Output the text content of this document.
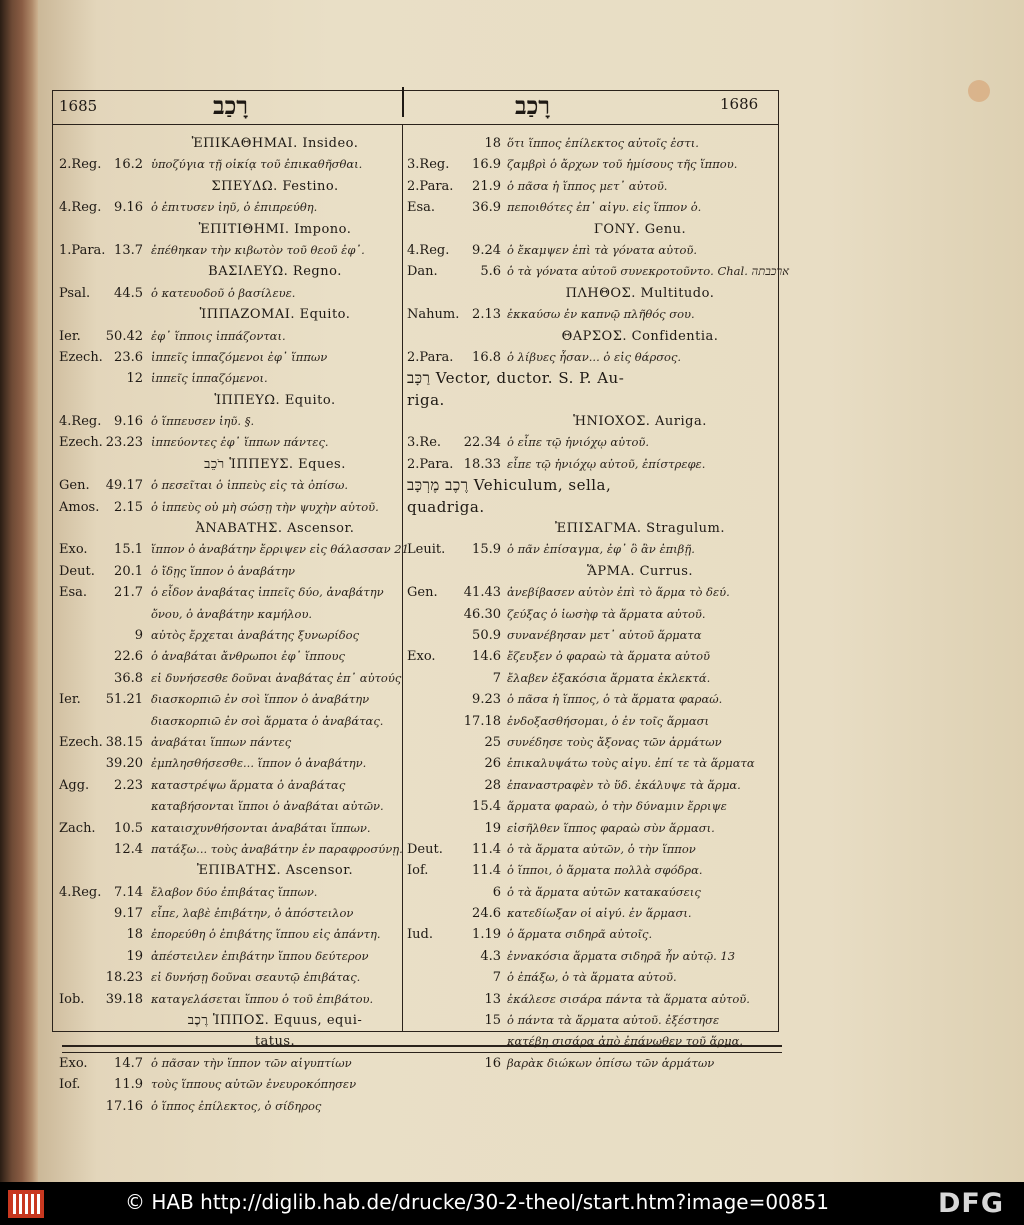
1685	רָכַב	רָכַב	1686
ἘΠΙΚΑΘΗΜΑΙ. Insideo.
2.Reg. 16.2 ὑποζύγια τῇ οἰκίᾳ τοῦ ἐπικαθῆσθαι.
ΣΠΕΥΔΩ. Festino.
4.Reg. 9.16 ὁ ἐπιτυσεν ἰηῦ, ὁ ἐπιπρεύθη.
ἘΠΙΤΙΘΗΜΙ. Impono.
1.Para. 13.7 ἐπέθηκαν τὴν κιβωτὸν τοῦ θεοῦ ἐφ᾽.
ΒΑΣΙΛΕΥΩ. Regno.
Psal. 44.5 ὁ κατευοδοῦ ὁ βασίλευε.
ἹΠΠΑΖΟΜΑΙ. Equito.
Ier. 50.42 ἐφ᾽ ἵπποις ἱππάζονται.
Ezech. 23.6 ἱππεῖς ἱππαζόμενοι ἐφ᾽ ἵππων
12 ἱππεῖς ἱππαζόμενοι.
ἹΠΠΕΥΩ. Equito.
4.Reg. 9.16 ὁ ἵππευσεν ἰηῦ. §.
Ezech. 23.23 ἱππεύοντες ἐφ᾽ ἵππων πάντες.
רֹכֵב ἹΠΠΕΥΣ. Eques.
Gen. 49.17 ὁ πεσεῖται ὁ ἱππεὺς εἰς τὰ ὀπίσω.
Amos. 2.15 ὁ ἱππεὺς οὐ μὴ σώσῃ τὴν ψυχὴν αὐτοῦ.
ἈΝΑΒΑΤΗΣ. Ascensor.
Exo. 15.1 ἵππον ὁ ἀναβάτην ἔρριψεν εἰς θάλασσαν 21
Deut. 20.1 ὁ ἴδῃς ἵππον ὁ ἀναβάτην
Esa. 21.7 ὁ εἶδον ἀναβάτας ἱππεῖς δύο, ἀναβάτην
ὄνου, ὁ ἀναβάτην καμήλου.
9 αὐτὸς ἔρχεται ἀναβάτης ξυνωρίδος
22.6 ὁ ἀναβάται ἄνθρωποι ἐφ᾽ ἵππους
36.8 εἰ δυνήσεσθε δοῦναι ἀναβάτας ἐπ᾽ αὐτούς
Ier. 51.21 διασκορπιῶ ἐν σοὶ ἵππον ὁ ἀναβάτην
διασκορπιῶ ἐν σοὶ ἅρματα ὁ ἀναβάτας.
Ezech. 38.15 ἀναβάται ἵππων πάντες
39.20 ἐμπλησθήσεσθε... ἵππον ὁ ἀναβάτην.
Agg. 2.23 καταστρέψω ἅρματα ὁ ἀναβάτας
καταβήσονται ἵπποι ὁ ἀναβάται αὐτῶν.
Zach. 10.5 καταισχυνθήσονται ἀναβάται ἵππων.
12.4 πατάξω... τοὺς ἀναβάτην ἐν παραφροσύνῃ.
ἘΠΙΒΑΤΗΣ. Ascensor.
4.Reg. 7.14 ἔλαβον δύο ἐπιβάτας ἵππων.
9.17 εἶπε, λαβὲ ἐπιβάτην, ὁ ἀπόστειλον
18 ἐπορεύθη ὁ ἐπιβάτης ἵππου εἰς ἀπάντη.
19 ἀπέστειλεν ἐπιβάτην ἵππου δεύτερον
18.23 εἰ δυνήσῃ δοῦναι σεαυτῷ ἐπιβάτας.
Iob. 39.18 καταγελάσεται ἵππου ὁ τοῦ ἐπιβάτου.
רֶכֶב ἹΠΠΟΣ. Equus, equi-
tatus.
Exo. 14.7 ὁ πᾶσαν τὴν ἵππον τῶν αἰγυπτίων
Iof.	11.9 τοὺς ἵππους αὐτῶν ἐνευροκόπησεν
17.16 ὁ ἵππος ἐπίλεκτος, ὁ σίδηρος
18 ὅτι ἵππος ἐπίλεκτος αὐτοῖς ἐστι.
3.Reg. 16.9 ζαμβρὶ ὁ ἄρχων τοῦ ἡμίσους τῆς ἵππου.
2.Para. 21.9 ὁ πᾶσα ἡ ἵππος μετ᾽ αὐτοῦ.
Esa.	36.9 πεποιθότες ἐπ᾽ αἰγυ. εἰς ἵππον ὁ.
ΓΟΝΥ. Genu.
4.Reg. 9.24 ὁ ἔκαμψεν ἐπὶ τὰ γόνατα αὐτοῦ.
Dan.	5.6 ὁ τὰ γόνατα αὐτοῦ συνεκροτοῦντο. Chal. ארכבתה
ΠΛΗΘΟΣ. Multitudo.
Nahum. 2.13 ἐκκαύσω ἐν καπνῷ πλῆθός σου.
ΘΑΡΣΟΣ. Confidentia.
2.Para. 16.8 ὁ λίβυες ἦσαν... ὁ εἰς θάρσος.
רַכָּב Vector, ductor. S. P. Au-
riga.
ἩΝΙΟΧΟΣ. Auriga.
3.Re. 22.34 ὁ εἶπε τῷ ἡνιόχῳ αὐτοῦ.
2.Para. 18.33 εἶπε τῷ ἡνιόχῳ αὐτοῦ, ἐπίστρεφε.
רֶכֶב מֶרְכָּב Vehiculum, sella,
quadriga.
ἘΠΙΣΑΓΜΑ. Stragulum.
Leuit. 15.9 ὁ πᾶν ἐπίσαγμα, ἐφ᾽ ὃ ἂν ἐπιβῇ.
ἍΡΜΑ. Currus.
Gen. 41.43 ἀνεβίβασεν αὐτὸν ἐπὶ τὸ ἅρμα τὸ δεύ.
46.30 ζεύξας ὁ ἰωσὴφ τὰ ἅρματα αὐτοῦ.
50.9 συνανέβησαν μετ᾽ αὐτοῦ ἅρματα
Exo.	14.6 ἔζευξεν ὁ φαραὼ τὰ ἅρματα αὐτοῦ
7 ἔλαβεν ἑξακόσια ἅρματα ἐκλεκτά.
9.23 ὁ πᾶσα ἡ ἵππος, ὁ τὰ ἅρματα φαραώ.
17.18 ἐνδοξασθήσομαι, ὁ ἐν τοῖς ἅρμασι
25 συνέδησε τοὺς ἄξονας τῶν ἁρμάτων
26 ἐπικαλυψάτω τοὺς αἰγυ. ἐπί τε τὰ ἅρματα
28 ἐπαναστραφὲν τὸ ὕδ. ἐκάλυψε τὰ ἅρμα.
15.4 ἅρματα φαραὼ, ὁ τὴν δύναμιν ἔρριψε
19 εἰσῆλθεν ἵππος φαραὼ σὺν ἅρμασι.
Deut. 11.4 ὁ τὰ ἅρματα αὐτῶν, ὁ τὴν ἵππον
Iof.	11.4 ὁ ἵπποι, ὁ ἅρματα πολλὰ σφόδρα.
6 ὁ τὰ ἅρματα αὐτῶν κατακαύσεις
24.6 κατεδίωξαν οἱ αἰγύ. ἐν ἅρμασι.
Iud.	1.19 ὁ ἅρματα σιδηρᾶ αὐτοῖς.
4.3 ἐννακόσια ἅρματα σιδηρᾶ ἦν αὐτῷ. 13
7 ὁ ἐπάξω, ὁ τὰ ἅρματα αὐτοῦ.
13 ἐκάλεσε σισάρα πάντα τὰ ἅρματα αὐτοῦ.
15 ὁ πάντα τὰ ἅρματα αὐτοῦ. ἐξέστησε
κατέβη σισάρα ἀπὸ ἐπάνωθεν τοῦ ἅρμα.
16 βαρὰκ διώκων ὀπίσω τῶν ἁρμάτων
© HAB http://diglib.hab.de/drucke/30-2-theol/start.htm?image=00851	DFG
